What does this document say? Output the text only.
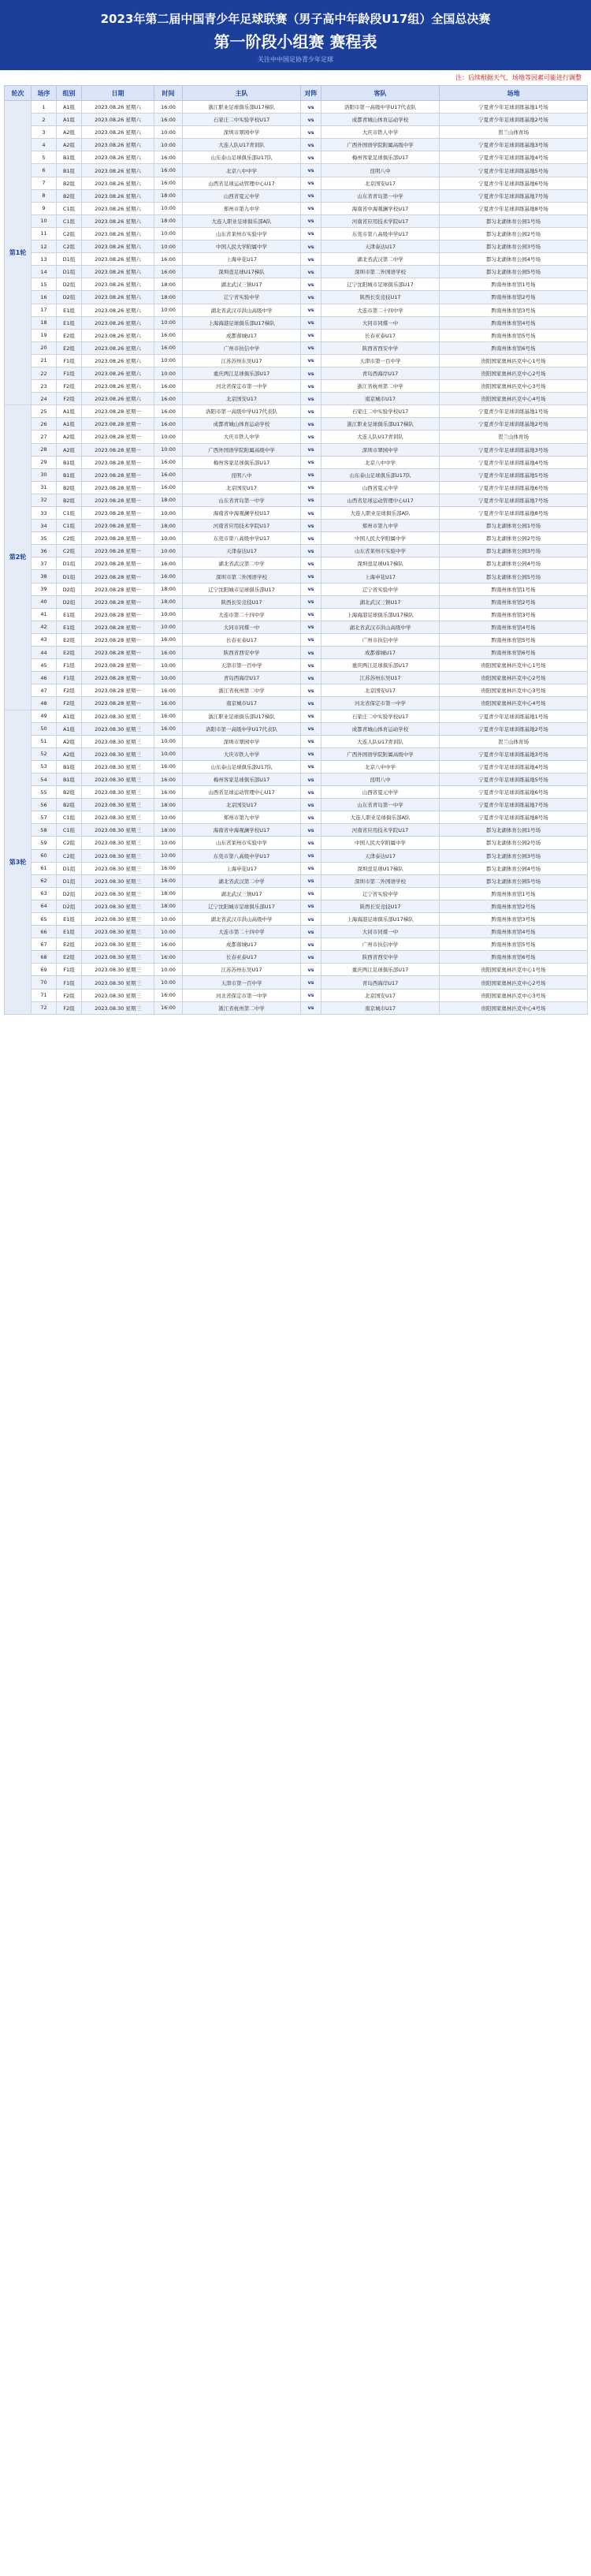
2023年第二届中国青少年足球联赛（男子高中年龄段U17组）全国总决赛
第一阶段小组赛 赛程表
关注中中国足协青少年足球
注：后续根据天气、场地等因素可能进行调整
轮次	场序	组别	日期	时间	主队	对阵	客队	场地
第1轮	1	A1组	2023.08.26 星期六	16:00	浙江职业足球俱乐部U17梯队	vs	洛阳市第一高级中学U17代表队	宁夏青少年足球训练基地1号场
	2	A1组	2023.08.26 星期六	16:00	石家庄二中实验学校U17	vs	成都青城山体育运动学校	宁夏青少年足球训练基地2号场
	3	A2组	2023.08.26 星期六	10:00	深圳市翠园中学	vs	大庆市铁人中学	贺兰山体育场
	4	A2组	2023.08.26 星期六	10:00	大连人队U17青训队	vs	广西外国语学院附属高级中学	宁夏青少年足球训练基地3号场
	5	B1组	2023.08.26 星期六	16:00	山东泰山足球俱乐部U17队	vs	梅州客家足球俱乐部U17	宁夏青少年足球训练基地4号场
	6	B1组	2023.08.26 星期六	16:00	北京八中中学	vs	昆明八中	宁夏青少年足球训练基地5号场
	7	B2组	2023.08.26 星期六	16:00	山西省足球运动管理中心U17	vs	北京国安U17	宁夏青少年足球训练基地6号场
	8	B2组	2023.08.26 星期六	18:00	山西省夏元中学	vs	山东省青岛第一中学	宁夏青少年足球训练基地7号场
	9	C1组	2023.08.26 星期六	10:00	郑州市第九中学	vs	海南省中海观澜学校U17	宁夏青少年足球训练基地8号场
	10	C1组	2023.08.26 星期六	18:00	大连人职业足球俱乐部A队	vs	河南省应用技术学院U17	都匀北湖体育公园1号场
	11	C2组	2023.08.26 星期六	10:00	山东省莱州市实验中学	vs	东莞市第八高级中学U17	都匀北湖体育公园2号场
	12	C2组	2023.08.26 星期六	10:00	中国人民大学附属中学	vs	天津泰达U17	都匀北湖体育公园3号场
	13	D1组	2023.08.26 星期六	16:00	上海申花U17	vs	湖北省武汉第二中学	都匀北湖体育公园4号场
	14	D1组	2023.08.26 星期六	16:00	深圳壹足球U17梯队	vs	深圳市第二外国语学校	都匀北湖体育公园5号场
	15	D2组	2023.08.26 星期六	18:00	湖北武汉三镇U17	vs	辽宁沈阳城市足球俱乐部U17	黔南州体育馆1号场
	16	D2组	2023.08.26 星期六	18:00	辽宁省实验中学	vs	陕西长安竞技U17	黔南州体育馆2号场
	17	E1组	2023.08.26 星期六	10:00	湖北省武汉市洪山高级中学	vs	大连市第二十四中学	黔南州体育馆3号场
	18	E1组	2023.08.26 星期六	10:00	上海海港足球俱乐部U17梯队	vs	大同市同煤一中	黔南州体育馆4号场
	19	E2组	2023.08.26 星期六	16:00	成都蓉城U17	vs	长春亚泰U17	黔南州体育馆5号场
	20	E2组	2023.08.26 星期六	16:00	广州市执信中学	vs	陕西省西安中学	黔南州体育馆6号场
	21	F1组	2023.08.26 星期六	10:00	江苏苏州东吴U17	vs	天津市第一百中学	贵阳国家奥林匹克中心1号场
	22	F1组	2023.08.26 星期六	10:00	重庆两江足球俱乐部U17	vs	青岛西海岸U17	贵阳国家奥林匹克中心2号场
	23	F2组	2023.08.26 星期六	16:00	河北省保定市第一中学	vs	浙江省杭州第二中学	贵阳国家奥林匹克中心3号场
	24	F2组	2023.08.26 星期六	16:00	北京国安U17	vs	南京城市U17	贵阳国家奥林匹克中心4号场
第2轮	25	A1组	2023.08.28 星期一	16:00	洛阳市第一高级中学U17代表队	vs	石家庄二中实验学校U17	宁夏青少年足球训练基地1号场
	26	A1组	2023.08.28 星期一	16:00	成都青城山体育运动学校	vs	浙江职业足球俱乐部U17梯队	宁夏青少年足球训练基地2号场
	27	A2组	2023.08.28 星期一	10:00	大庆市铁人中学	vs	大连人队U17青训队	贺兰山体育场
	28	A2组	2023.08.28 星期一	10:00	广西外国语学院附属高级中学	vs	深圳市翠园中学	宁夏青少年足球训练基地3号场
	29	B1组	2023.08.28 星期一	16:00	梅州客家足球俱乐部U17	vs	北京八中中学	宁夏青少年足球训练基地4号场
	30	B1组	2023.08.28 星期一	16:00	昆明八中	vs	山东泰山足球俱乐部U17队	宁夏青少年足球训练基地5号场
	31	B2组	2023.08.28 星期一	16:00	北京国安U17	vs	山西省夏元中学	宁夏青少年足球训练基地6号场
	32	B2组	2023.08.28 星期一	18:00	山东省青岛第一中学	vs	山西省足球运动管理中心U17	宁夏青少年足球训练基地7号场
	33	C1组	2023.08.28 星期一	10:00	海南省中海观澜学校U17	vs	大连人职业足球俱乐部A队	宁夏青少年足球训练基地8号场
	34	C1组	2023.08.28 星期一	18:00	河南省应用技术学院U17	vs	郑州市第九中学	都匀北湖体育公园1号场
	35	C2组	2023.08.28 星期一	10:00	东莞市第八高级中学U17	vs	中国人民大学附属中学	都匀北湖体育公园2号场
	36	C2组	2023.08.28 星期一	10:00	天津泰达U17	vs	山东省莱州市实验中学	都匀北湖体育公园3号场
	37	D1组	2023.08.28 星期一	16:00	湖北省武汉第二中学	vs	深圳壹足球U17梯队	都匀北湖体育公园4号场
	38	D1组	2023.08.28 星期一	16:00	深圳市第二外国语学校	vs	上海申花U17	都匀北湖体育公园5号场
	39	D2组	2023.08.28 星期一	18:00	辽宁沈阳城市足球俱乐部U17	vs	辽宁省实验中学	黔南州体育馆1号场
	40	D2组	2023.08.28 星期一	18:00	陕西长安竞技U17	vs	湖北武汉三镇U17	黔南州体育馆2号场
	41	E1组	2023.08.28 星期一	10:00	大连市第二十四中学	vs	上海海港足球俱乐部U17梯队	黔南州体育馆3号场
	42	E1组	2023.08.28 星期一	10:00	大同市同煤一中	vs	湖北省武汉市洪山高级中学	黔南州体育馆4号场
	43	E2组	2023.08.28 星期一	16:00	长春亚泰U17	vs	广州市执信中学	黔南州体育馆5号场
	44	E2组	2023.08.28 星期一	16:00	陕西省西安中学	vs	成都蓉城U17	黔南州体育馆6号场
	45	F1组	2023.08.28 星期一	10:00	天津市第一百中学	vs	重庆两江足球俱乐部U17	贵阳国家奥林匹克中心1号场
	46	F1组	2023.08.28 星期一	10:00	青岛西海岸U17	vs	江苏苏州东吴U17	贵阳国家奥林匹克中心2号场
	47	F2组	2023.08.28 星期一	16:00	浙江省杭州第二中学	vs	北京国安U17	贵阳国家奥林匹克中心3号场
	48	F2组	2023.08.28 星期一	16:00	南京城市U17	vs	河北省保定市第一中学	贵阳国家奥林匹克中心4号场
第3轮	49	A1组	2023.08.30 星期三	16:00	浙江职业足球俱乐部U17梯队	vs	石家庄二中实验学校U17	宁夏青少年足球训练基地1号场
	50	A1组	2023.08.30 星期三	16:00	洛阳市第一高级中学U17代表队	vs	成都青城山体育运动学校	宁夏青少年足球训练基地2号场
	51	A2组	2023.08.30 星期三	10:00	深圳市翠园中学	vs	大连人队U17青训队	贺兰山体育场
	52	A2组	2023.08.30 星期三	10:00	大庆市铁人中学	vs	广西外国语学院附属高级中学	宁夏青少年足球训练基地3号场
	53	B1组	2023.08.30 星期三	16:00	山东泰山足球俱乐部U17队	vs	北京八中中学	宁夏青少年足球训练基地4号场
	54	B1组	2023.08.30 星期三	16:00	梅州客家足球俱乐部U17	vs	昆明八中	宁夏青少年足球训练基地5号场
	55	B2组	2023.08.30 星期三	16:00	山西省足球运动管理中心U17	vs	山西省夏元中学	宁夏青少年足球训练基地6号场
	56	B2组	2023.08.30 星期三	18:00	北京国安U17	vs	山东省青岛第一中学	宁夏青少年足球训练基地7号场
	57	C1组	2023.08.30 星期三	10:00	郑州市第九中学	vs	大连人职业足球俱乐部A队	宁夏青少年足球训练基地8号场
	58	C1组	2023.08.30 星期三	18:00	海南省中海观澜学校U17	vs	河南省应用技术学院U17	都匀北湖体育公园1号场
	59	C2组	2023.08.30 星期三	10:00	山东省莱州市实验中学	vs	中国人民大学附属中学	都匀北湖体育公园2号场
	60	C2组	2023.08.30 星期三	10:00	东莞市第八高级中学U17	vs	天津泰达U17	都匀北湖体育公园3号场
	61	D1组	2023.08.30 星期三	16:00	上海申花U17	vs	深圳壹足球U17梯队	都匀北湖体育公园4号场
	62	D1组	2023.08.30 星期三	16:00	湖北省武汉第二中学	vs	深圳市第二外国语学校	都匀北湖体育公园5号场
	63	D2组	2023.08.30 星期三	18:00	湖北武汉三镇U17	vs	辽宁省实验中学	黔南州体育馆1号场
	64	D2组	2023.08.30 星期三	18:00	辽宁沈阳城市足球俱乐部U17	vs	陕西长安竞技U17	黔南州体育馆2号场
	65	E1组	2023.08.30 星期三	10:00	湖北省武汉市洪山高级中学	vs	上海海港足球俱乐部U17梯队	黔南州体育馆3号场
	66	E1组	2023.08.30 星期三	10:00	大连市第二十四中学	vs	大同市同煤一中	黔南州体育馆4号场
	67	E2组	2023.08.30 星期三	16:00	成都蓉城U17	vs	广州市执信中学	黔南州体育馆5号场
	68	E2组	2023.08.30 星期三	16:00	长春亚泰U17	vs	陕西省西安中学	黔南州体育馆6号场
	69	F1组	2023.08.30 星期三	10:00	江苏苏州东吴U17	vs	重庆两江足球俱乐部U17	贵阳国家奥林匹克中心1号场
	70	F1组	2023.08.30 星期三	10:00	天津市第一百中学	vs	青岛西海岸U17	贵阳国家奥林匹克中心2号场
	71	F2组	2023.08.30 星期三	16:00	河北省保定市第一中学	vs	北京国安U17	贵阳国家奥林匹克中心3号场
	72	F2组	2023.08.30 星期三	16:00	浙江省杭州第二中学	vs	南京城市U17	贵阳国家奥林匹克中心4号场
